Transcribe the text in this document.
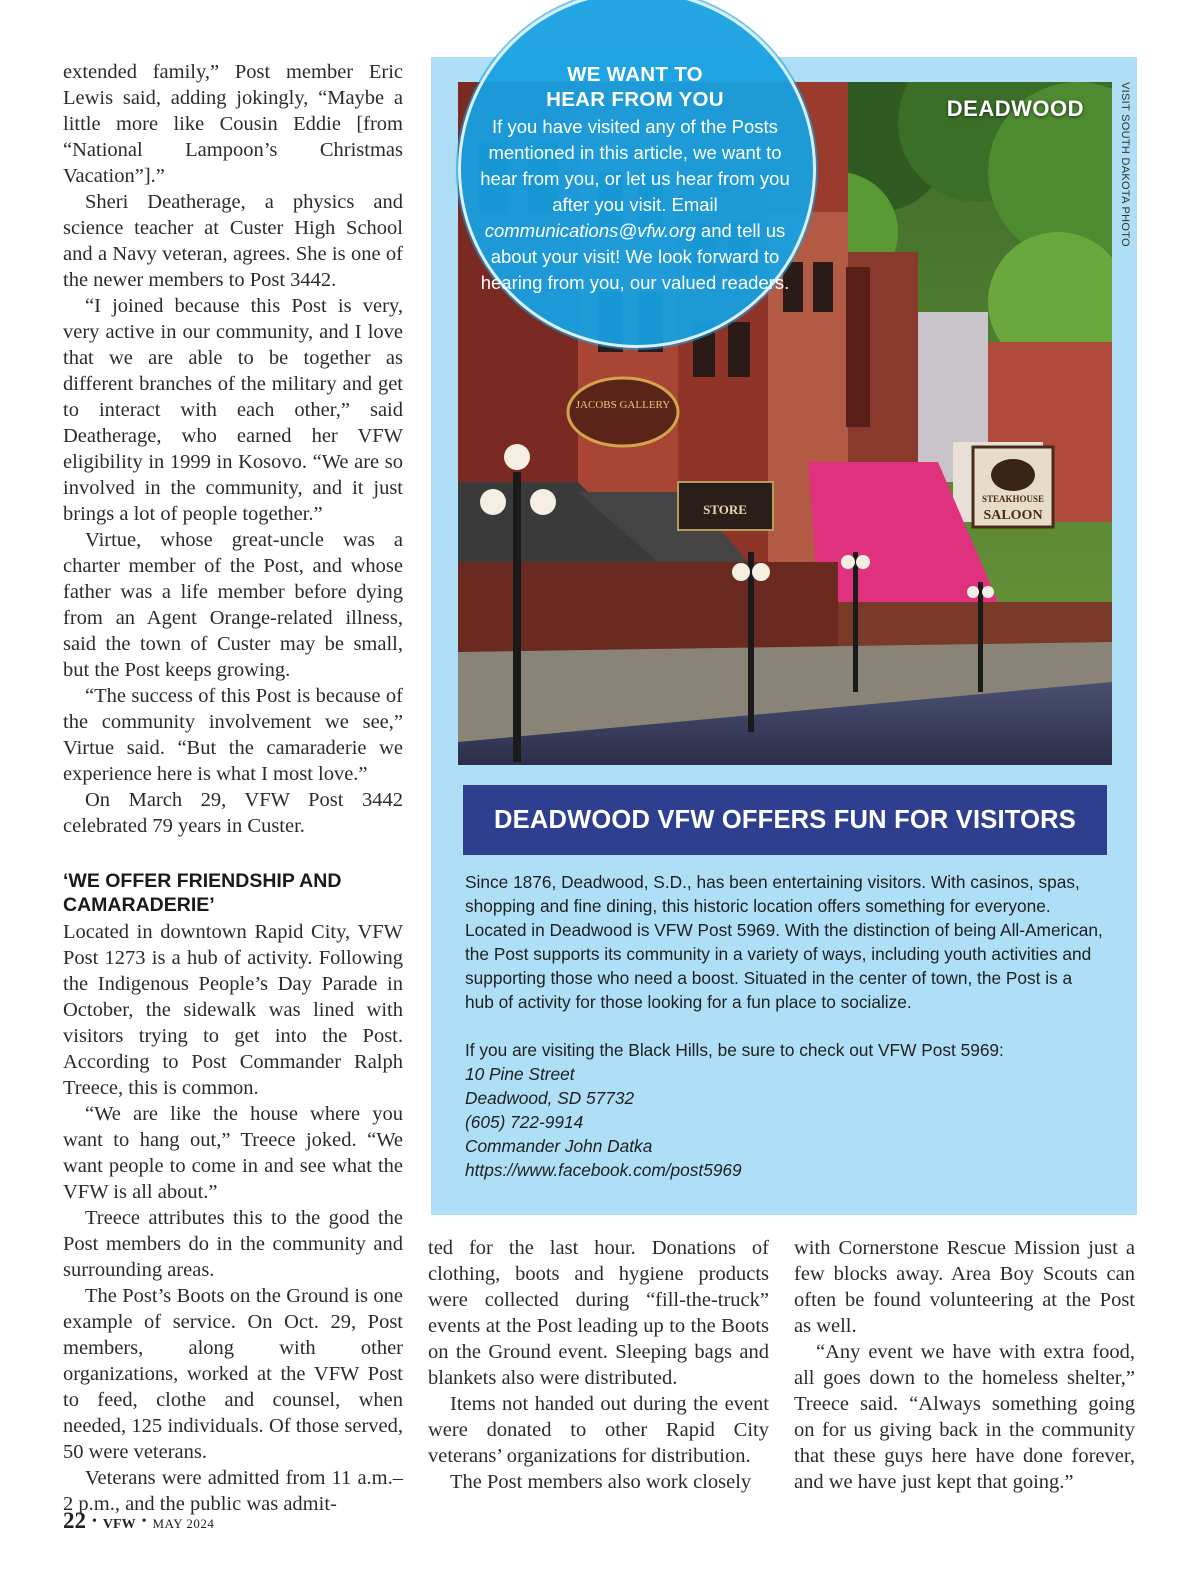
extended family,” Post member Eric Lewis said, adding jokingly, “Maybe a little more like Cousin Eddie [from “National Lampoon’s Christmas Vacation”].”

Sheri Deatherage, a physics and science teacher at Custer High School and a Navy veteran, agrees. She is one of the newer members to Post 3442.

“I joined because this Post is very, very active in our community, and I love that we are able to be together as different branches of the military and get to interact with each other,” said Deatherage, who earned her VFW eligibility in 1999 in Kosovo. “We are so involved in the community, and it just brings a lot of people together.”

Virtue, whose great-uncle was a charter member of the Post, and whose father was a life member before dying from an Agent Orange-related illness, said the town of Custer may be small, but the Post keeps growing.

“The success of this Post is because of the community involvement we see,” Virtue said. “But the camaraderie we experience here is what I most love.”

On March 29, VFW Post 3442 celebrated 79 years in Custer.

‘WE OFFER FRIENDSHIP AND CAMARADERIE’

Located in downtown Rapid City, VFW Post 1273 is a hub of activity. Following the Indigenous People’s Day Parade in October, the sidewalk was lined with visitors trying to get into the Post. According to Post Commander Ralph Treece, this is common.

“We are like the house where you want to hang out,” Treece joked. “We want people to come in and see what the VFW is all about.”

Treece attributes this to the good the Post members do in the community and surrounding areas.

The Post’s Boots on the Ground is one example of service. On Oct. 29, Post members, along with other organizations, worked at the VFW Post to feed, clothe and counsel, when needed, 125 individuals. Of those served, 50 were veterans.

Veterans were admitted from 11 a.m.–2 p.m., and the public was admit-

JACOBS GALLERY
STORE
STEAKHOUSE
SALOON
DEADWOOD	VISIT SOUTH DAKOTA PHOTO
WE WANT TO
HEAR FROM YOU
If you have visited any of the Posts mentioned in this article, we want to hear from you, or let us hear from you after you visit. Email communications@vfw.org and tell us about your visit! We look forward to hearing from you, our valued readers.
DEADWOOD VFW OFFERS FUN FOR VISITORS

Since 1876, Deadwood, S.D., has been entertaining visitors. With casinos, spas, shopping and fine dining, this historic location offers something for everyone. Located in Deadwood is VFW Post 5969. With the distinction of being All-American, the Post supports its community in a variety of ways, including youth activities and supporting those who need a boost. Situated in the center of town, the Post is a hub of activity for those looking for a fun place to socialize.

If you are visiting the Black Hills, be sure to check out VFW Post 5969:

10 Pine Street

Deadwood, SD 57732

(605) 722-9914

Commander John Datka

https://www.facebook.com/post5969

ted for the last hour. Donations of clothing, boots and hygiene products were collected during “fill-the-truck” events at the Post leading up to the Boots on the Ground event. Sleeping bags and blankets also were distributed.

Items not handed out during the event were donated to other Rapid City veterans’ organizations for distribution.

The Post members also work closely

with Cornerstone Rescue Mission just a few blocks away. Area Boy Scouts can often be found volunteering at the Post as well.

“Any event we have with extra food, all goes down to the homeless shelter,” Treece said. “Always something going on for us giving back in the community that these guys here have done forever, and we have just kept that going.”

22 • VFW • MAY 2024
